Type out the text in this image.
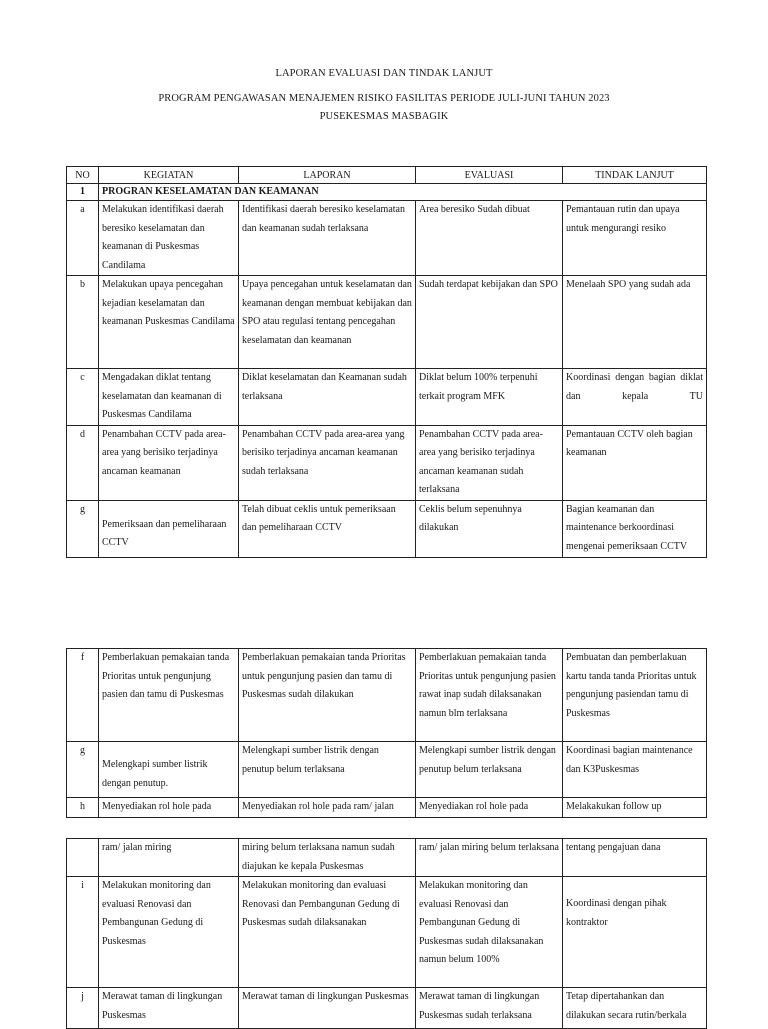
LAPORAN EVALUASI DAN TINDAK LANJUT
PROGRAM PENGAWASAN MENAJEMEN RISIKO FASILITAS PERIODE JULI-JUNI TAHUN 2023
PUSEKESMAS MASBAGIK
NO	KEGIATAN	LAPORAN	EVALUASI	TINDAK LANJUT
1	PROGRAN KESELAMATAN DAN KEAMANAN			
a	Melakukan identifikasi daerah beresiko keselamatan dan keamanan di Puskesmas Candilama	Identifikasi daerah beresiko keselamatan dan keamanan sudah terlaksana	Area beresiko Sudah dibuat	Pemantauan rutin dan upaya untuk mengurangi resiko
b	Melakukan upaya pencegahan kejadian keselamatan dan keamanan Puskesmas Candilama	Upaya pencegahan untuk keselamatan dan keamanan dengan membuat kebijakan dan SPO atau regulasi tentang pencegahan keselamatan dan keamanan	Sudah terdapat kebijakan dan SPO	Menelaah SPO yang sudah ada
c	Mengadakan diklat tentang keselamatan dan keamanan di Puskesmas Candilama	Diklat keselamatan dan Keamanan sudah terlaksana	Diklat belum 100% terpenuhi terkait program MFK	Koordinasi dengan bagian diklat dan kepala TU
d	Penambahan CCTV pada area-area yang berisiko terjadinya ancaman keamanan	Penambahan CCTV pada area-area yang berisiko terjadinya ancaman keamanan sudah terlaksana	Penambahan CCTV pada area-area yang berisiko terjadinya ancaman keamanan sudah terlaksana	Pemantauan CCTV oleh bagian keamanan
g	Pemeriksaan dan pemeliharaan CCTV	Telah dibuat ceklis untuk pemeriksaan dan pemeliharaan CCTV	Ceklis belum sepenuhnya dilakukan	Bagian keamanan dan maintenance berkoordinasi mengenai pemeriksaan CCTV
f	Pemberlakuan pemakaian tanda Prioritas untuk pengunjung pasien dan tamu di Puskesmas	Pemberlakuan pemakaian tanda Prioritas untuk pengunjung pasien dan tamu di Puskesmas sudah dilakukan	Pemberlakuan pemakaian tanda Prioritas untuk pengunjung pasien rawat inap sudah dilaksanakan namun blm terlaksana	Pembuatan dan pemberlakuan kartu tanda tanda Prioritas untuk pengunjung pasiendan tamu di Puskesmas
g	Melengkapi sumber listrik dengan penutup.	Melengkapi sumber listrik dengan penutup belum terlaksana	Melengkapi sumber listrik dengan penutup belum terlaksana	Koordinasi bagian maintenance dan K3Puskesmas
h	Menyediakan rol hole pada	Menyediakan rol hole pada ram/ jalan	Menyediakan rol hole pada	Melakakukan follow up
	ram/ jalan miring	miring belum terlaksana namun sudah diajukan ke kepala Puskesmas	ram/ jalan miring belum terlaksana	tentang pengajuan dana
i	Melakukan monitoring dan evaluasi Renovasi dan Pembangunan Gedung di Puskesmas	Melakukan monitoring dan evaluasi Renovasi dan Pembangunan Gedung di Puskesmas sudah dilaksanakan	Melakukan monitoring dan evaluasi Renovasi dan Pembangunan Gedung di Puskesmas sudah dilaksanakan namun belum 100%	Koordinasi dengan pihak kontraktor
j	Merawat taman di lingkungan Puskesmas	Merawat taman di lingkungan Puskesmas	Merawat taman di lingkungan Puskesmas sudah terlaksana	Tetap dipertahankan dan dilakukan secara rutin/berkala
